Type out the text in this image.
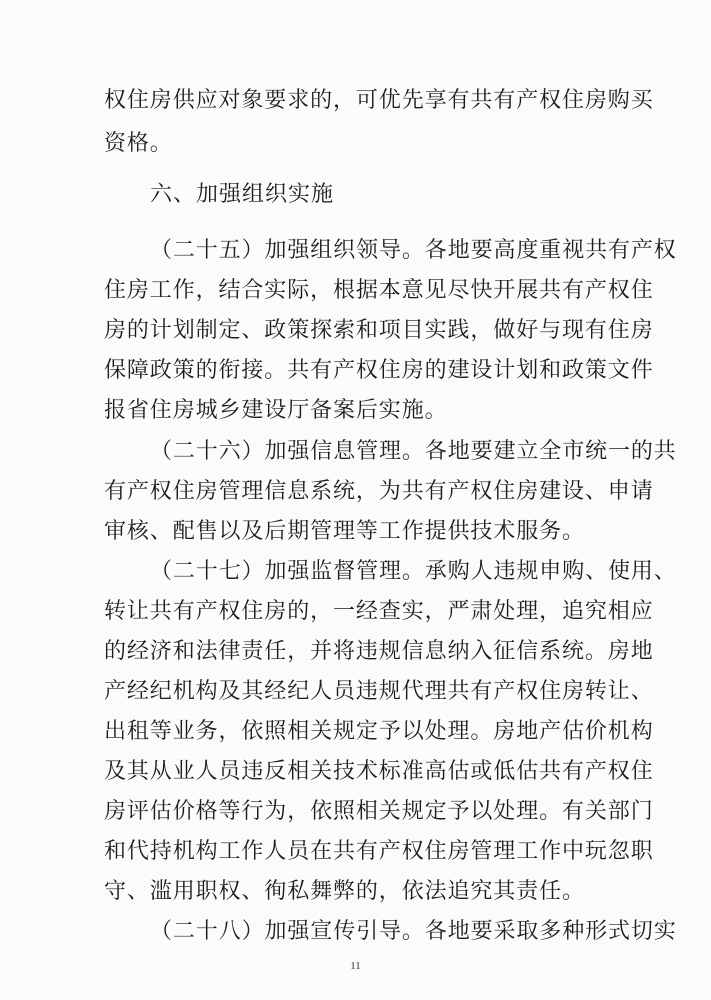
权住房供应对象要求的，可优先享有共有产权住房购买
资格。
六、加强组织实施
（二十五）加强组织领导。各地要高度重视共有产权
住房工作，结合实际，根据本意见尽快开展共有产权住
房的计划制定、政策探索和项目实践，做好与现有住房
保障政策的衔接。共有产权住房的建设计划和政策文件
报省住房城乡建设厅备案后实施。
（二十六）加强信息管理。各地要建立全市统一的共
有产权住房管理信息系统，为共有产权住房建设、申请
审核、配售以及后期管理等工作提供技术服务。
（二十七）加强监督管理。承购人违规申购、使用、
转让共有产权住房的，一经查实，严肃处理，追究相应
的经济和法律责任，并将违规信息纳入征信系统。房地
产经纪机构及其经纪人员违规代理共有产权住房转让、
出租等业务，依照相关规定予以处理。房地产估价机构
及其从业人员违反相关技术标准高估或低估共有产权住
房评估价格等行为，依照相关规定予以处理。有关部门
和代持机构工作人员在共有产权住房管理工作中玩忽职
守、滥用职权、徇私舞弊的，依法追究其责任。
（二十八）加强宣传引导。各地要采取多种形式切实
11
